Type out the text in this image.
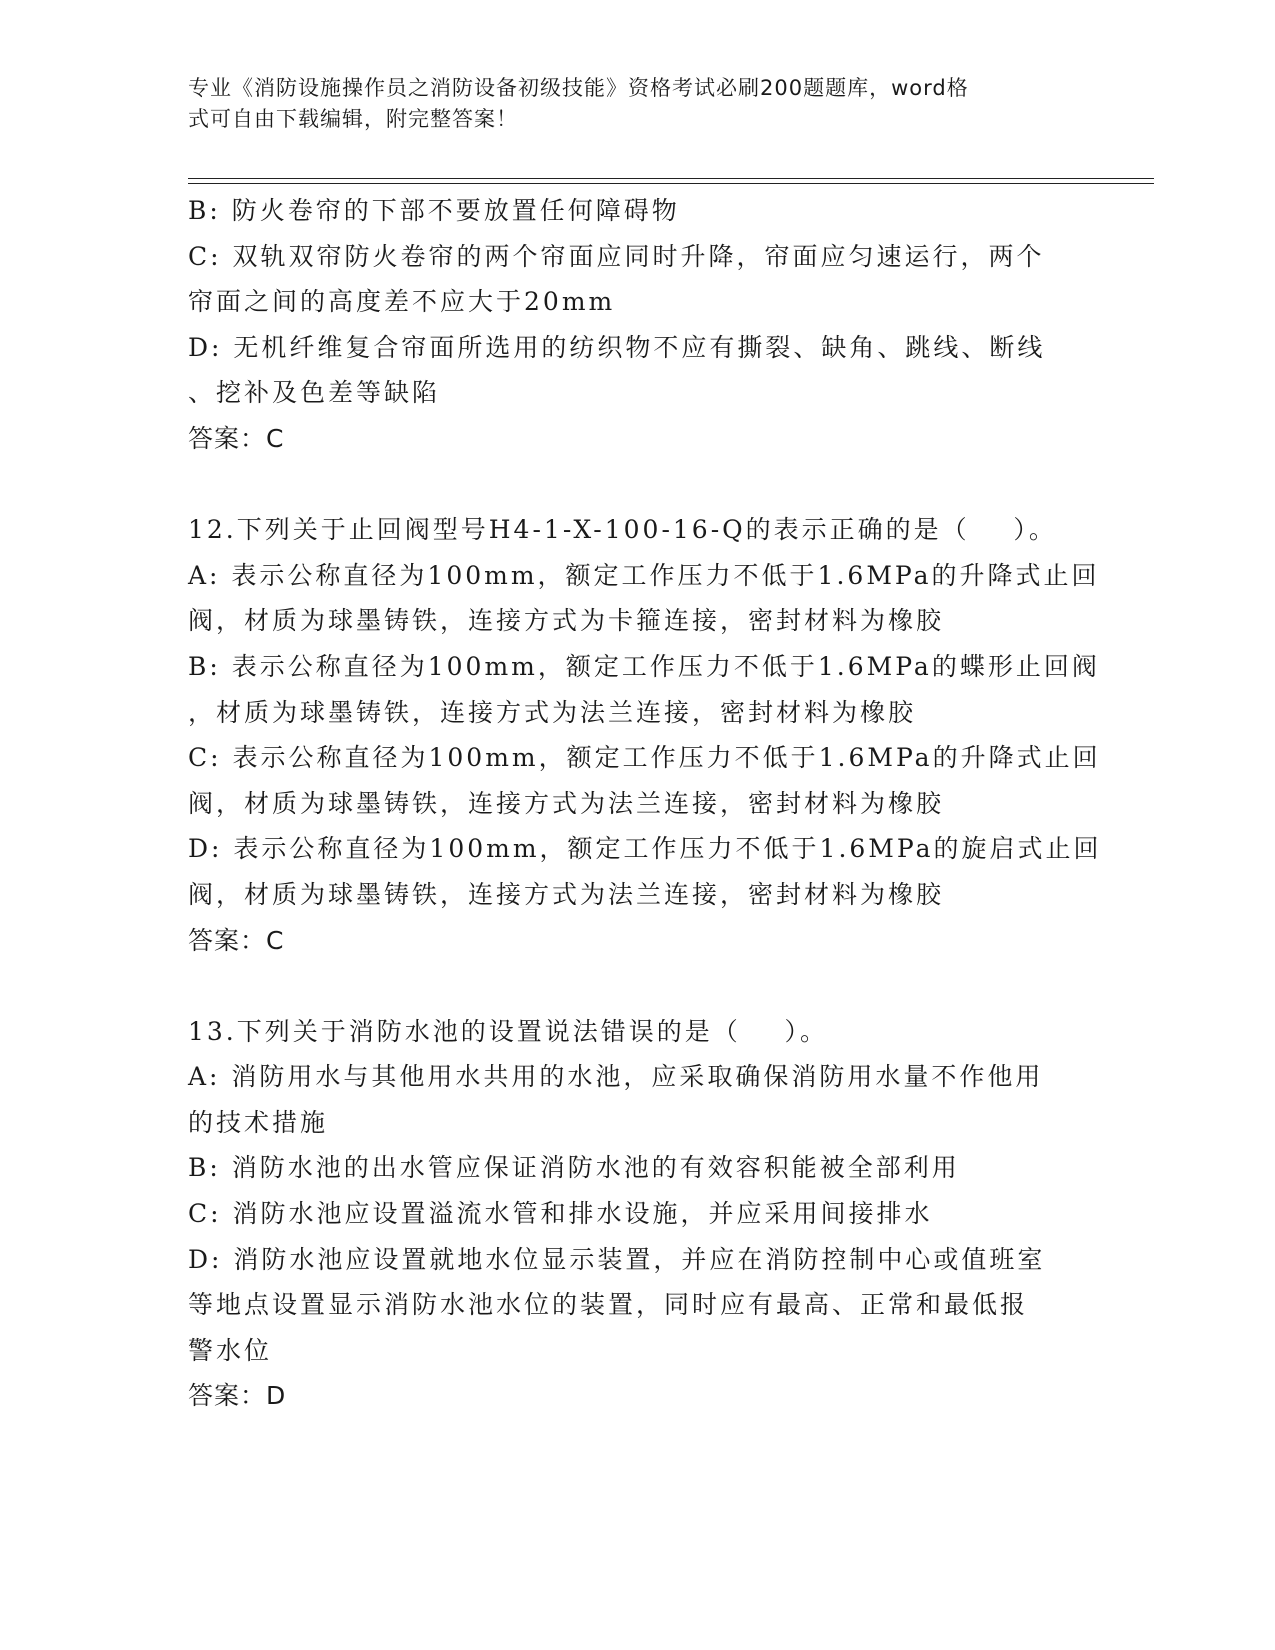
专业《消防设施操作员之消防设备初级技能》资格考试必刷200题题库，word格

式可自由下载编辑，附完整答案！

B: 防火卷帘的下部不要放置任何障碍物

C: 双轨双帘防火卷帘的两个帘面应同时升降，帘面应匀速运行，两个

帘面之间的高度差不应大于20mm

D: 无机纤维复合帘面所选用的纺织物不应有撕裂、缺角、跳线、断线

、挖补及色差等缺陷

答案：C

12.下列关于止回阀型号H4-1-X-100-16-Q的表示正确的是（    ）。

A: 表示公称直径为100mm，额定工作压力不低于1.6MPa的升降式止回

阀，材质为球墨铸铁，连接方式为卡箍连接，密封材料为橡胶

B: 表示公称直径为100mm，额定工作压力不低于1.6MPa的蝶形止回阀

，材质为球墨铸铁，连接方式为法兰连接，密封材料为橡胶

C: 表示公称直径为100mm，额定工作压力不低于1.6MPa的升降式止回

阀，材质为球墨铸铁，连接方式为法兰连接，密封材料为橡胶

D: 表示公称直径为100mm，额定工作压力不低于1.6MPa的旋启式止回

阀，材质为球墨铸铁，连接方式为法兰连接，密封材料为橡胶

答案：C

13.下列关于消防水池的设置说法错误的是（    ）。

A: 消防用水与其他用水共用的水池，应采取确保消防用水量不作他用

的技术措施

B: 消防水池的出水管应保证消防水池的有效容积能被全部利用

C: 消防水池应设置溢流水管和排水设施，并应采用间接排水

D: 消防水池应设置就地水位显示装置，并应在消防控制中心或值班室

等地点设置显示消防水池水位的装置，同时应有最高、正常和最低报

警水位

答案：D
